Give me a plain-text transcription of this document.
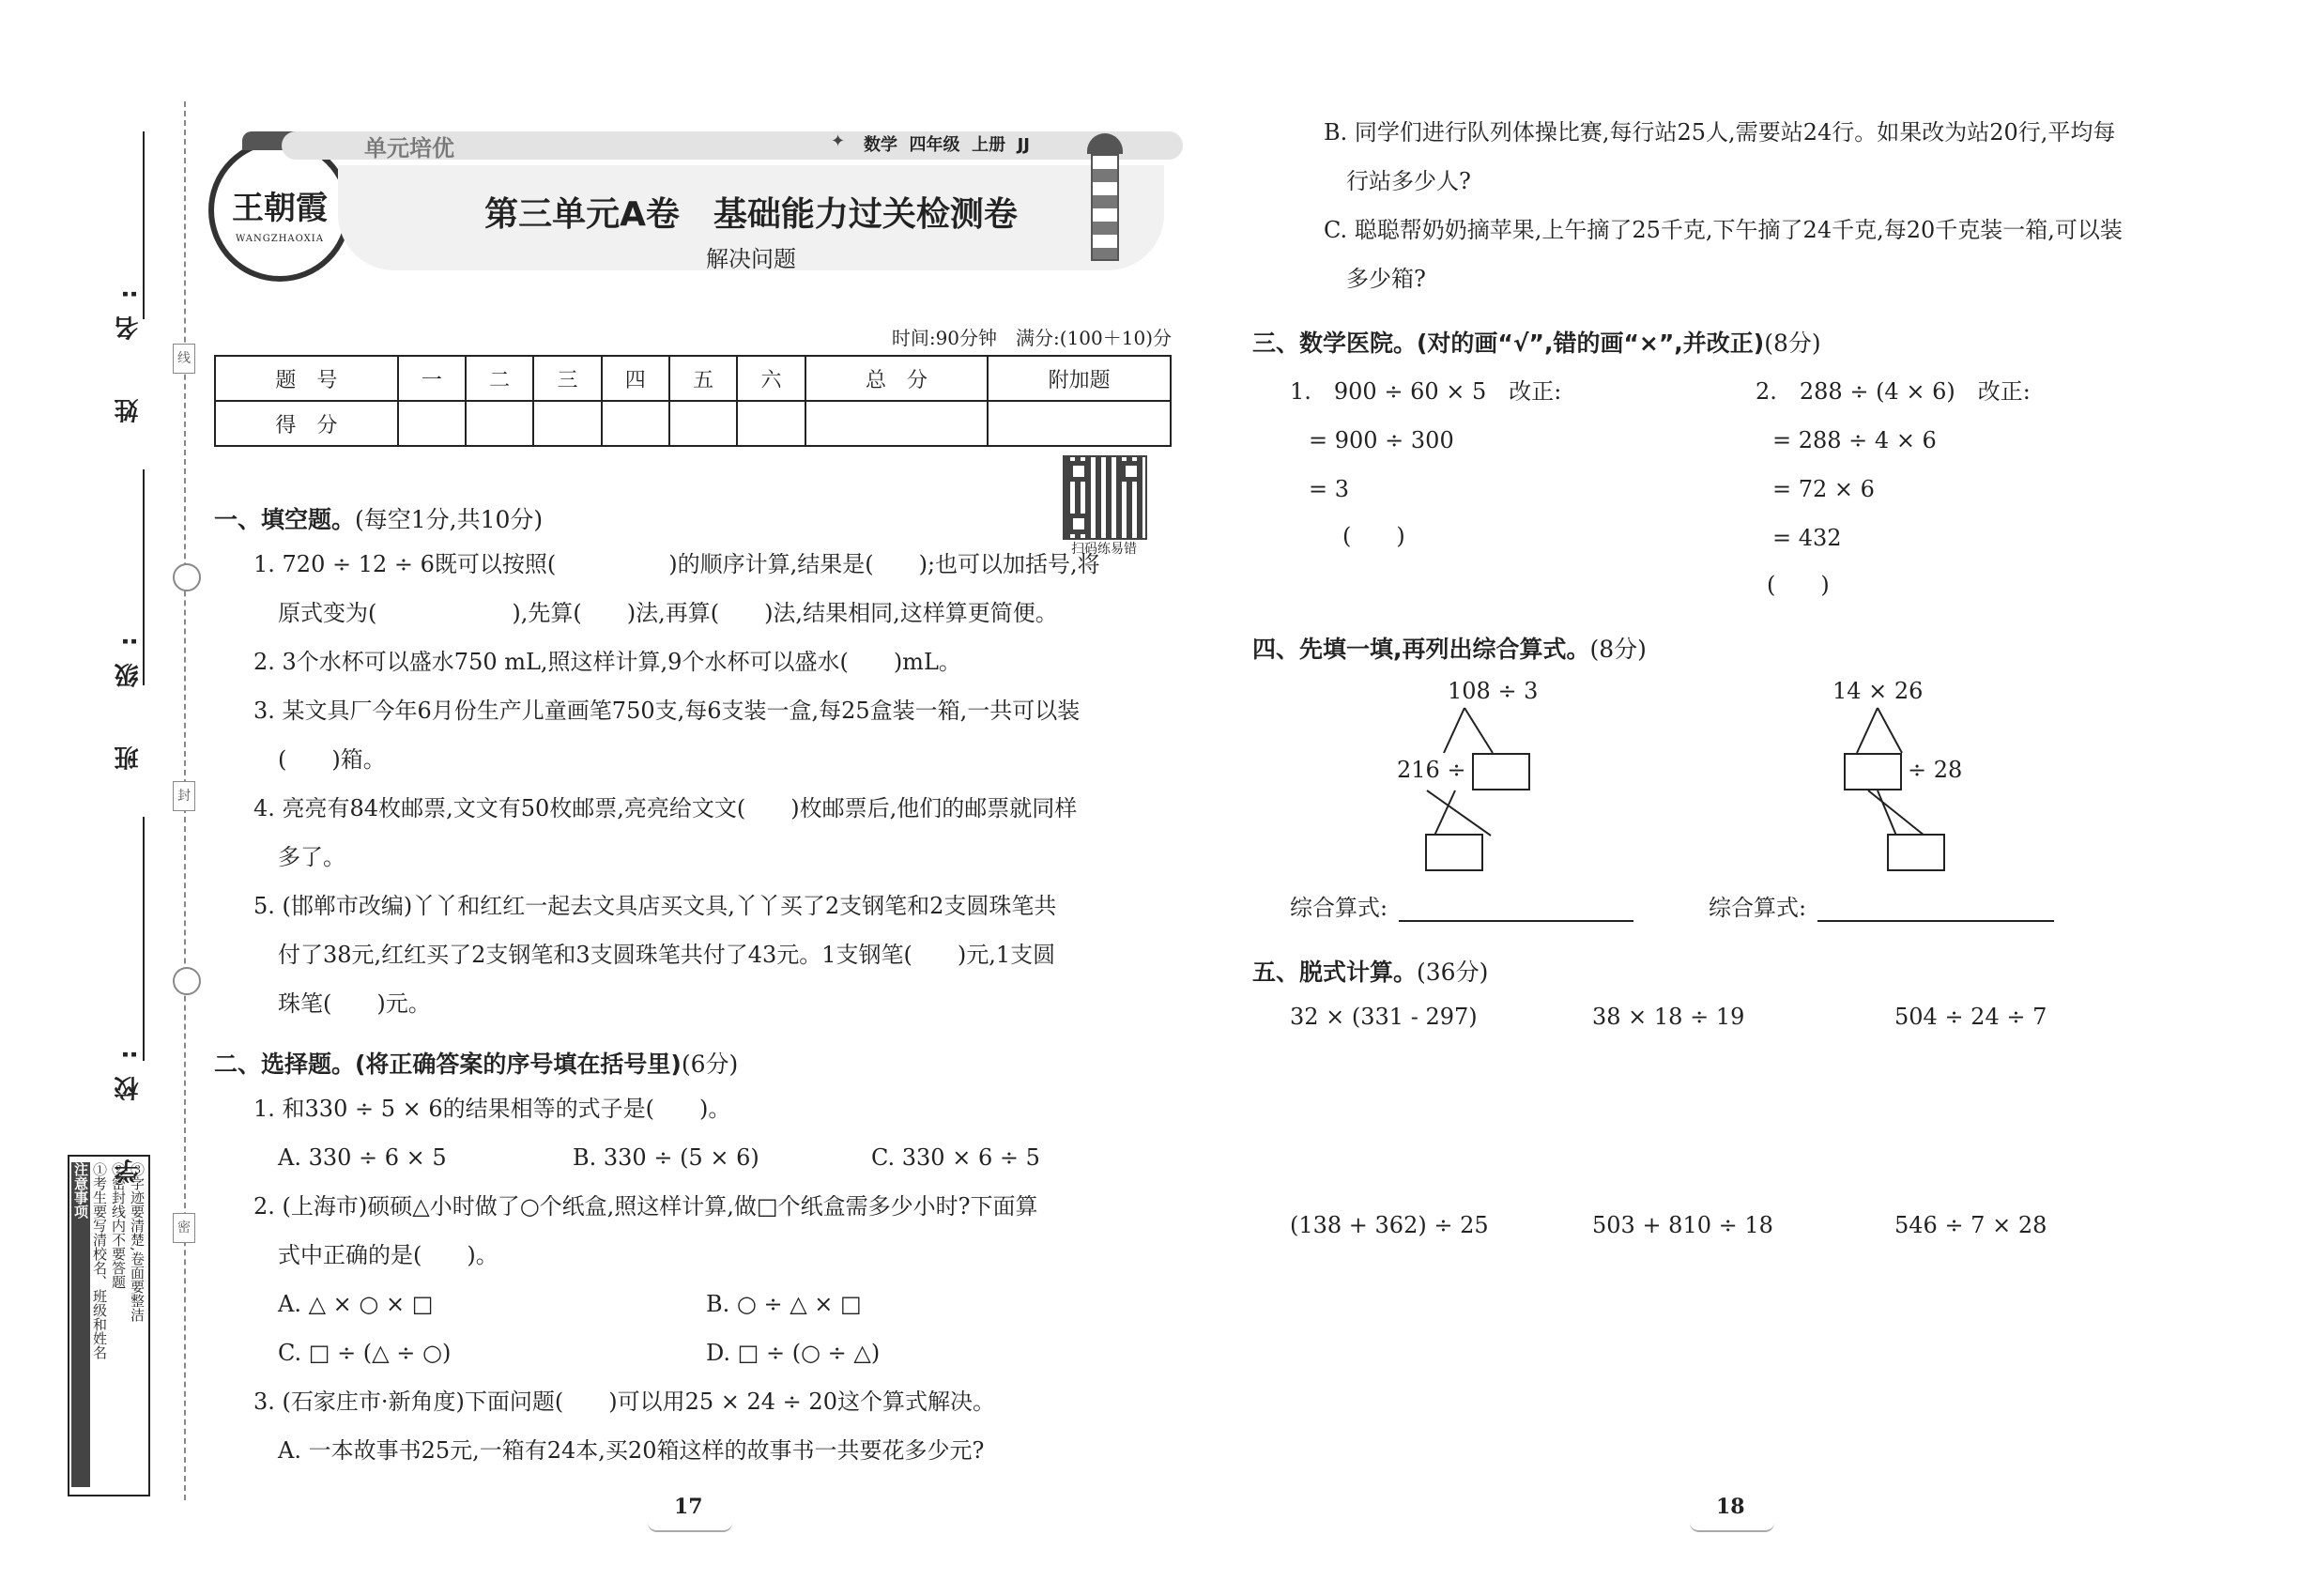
线
封
密
姓　名:
班　级:
学　校:
注意事项 ①考生要写清校名、班级和姓名 ②密封线内不要答题 ③字迹要清楚,卷面要整洁
王朝霞
WANGZHAOXIA
单元培优	✦ 数学  四年级  上册  JJ
第三单元A卷　基础能力过关检测卷
解决问题
时间:90分钟　满分:(100＋10)分
题　号	一	二	三	四	五	六	总　分	附加题
得　分								
扫码练易错
一、填空题。(每空1分,共10分)
1. 720 ÷ 12 ÷ 6既可以按照(　　　　　)的顺序计算,结果是(　　);也可以加括号,将
原式变为(　　　　　　),先算(　　)法,再算(　　)法,结果相同,这样算更简便。
2. 3个水杯可以盛水750 mL,照这样计算,9个水杯可以盛水(　　)mL。
3. 某文具厂今年6月份生产儿童画笔750支,每6支装一盒,每25盒装一箱,一共可以装
(　　)箱。
4. 亮亮有84枚邮票,文文有50枚邮票,亮亮给文文(　　)枚邮票后,他们的邮票就同样
多了。
5. (邯郸市改编)丫丫和红红一起去文具店买文具,丫丫买了2支钢笔和2支圆珠笔共
付了38元,红红买了2支钢笔和3支圆珠笔共付了43元。1支钢笔(　　)元,1支圆
珠笔(　　)元。
二、选择题。(将正确答案的序号填在括号里)(6分)
1. 和330 ÷ 5 × 6的结果相等的式子是(　　)。
A. 330 ÷ 6 × 5	B. 330 ÷ (5 × 6)	C. 330 × 6 ÷ 5
2. (上海市)硕硕△小时做了○个纸盒,照这样计算,做□个纸盒需多少小时?下面算
式中正确的是(　　)。
A. △ × ○ × □	B. ○ ÷ △ × □
C. □ ÷ (△ ÷ ○)	D. □ ÷ (○ ÷ △)
3. (石家庄市·新角度)下面问题(　　)可以用25 × 24 ÷ 20这个算式解决。
A. 一本故事书25元,一箱有24本,买20箱这样的故事书一共要花多少元?
17
B. 同学们进行队列体操比赛,每行站25人,需要站24行。如果改为站20行,平均每
行站多少人?
C. 聪聪帮奶奶摘苹果,上午摘了25千克,下午摘了24千克,每20千克装一箱,可以装
多少箱?
三、数学医院。(对的画“√”,错的画“×”,并改正)(8分)
1.　900 ÷ 60 × 5　改正:
= 900 ÷ 300
= 3
(　　)
2.　288 ÷ (4 × 6)　改正:
= 288 ÷ 4 × 6
= 72 × 6
= 432
(　　)
四、先填一填,再列出综合算式。(8分)
108 ÷ 3
216 ÷
14 × 26
÷ 28
综合算式:	综合算式:
五、脱式计算。(36分)
32 × (331 - 297)	38 × 18 ÷ 19	504 ÷ 24 ÷ 7
(138 + 362) ÷ 25	503 + 810 ÷ 18	546 ÷ 7 × 28
18
